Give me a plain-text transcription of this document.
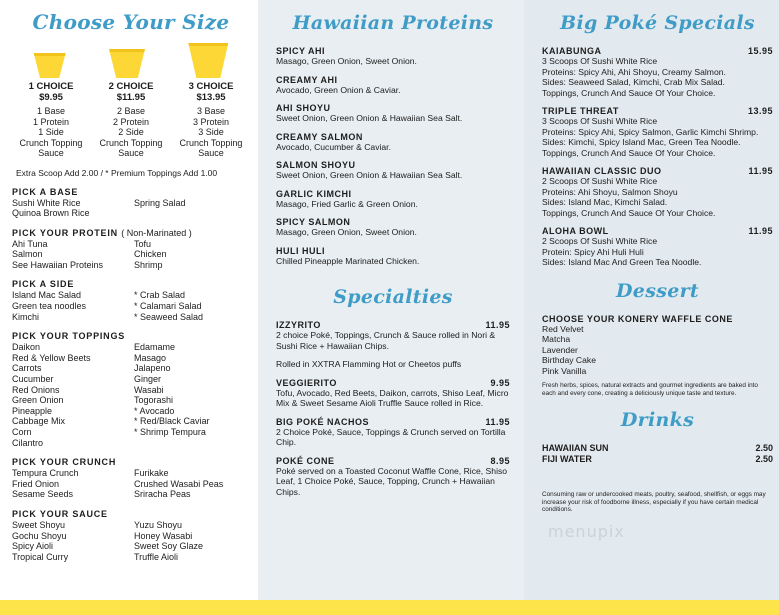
Choose Your Size
1 CHOICE
$9.95
1 Base
1 Protein
1 Side
Crunch Topping
Sauce
2 CHOICE
$11.95
2 Base
2 Protein
2 Side
Crunch Topping
Sauce
3 CHOICE
$13.95
3 Base
3 Protein
3 Side
Crunch Topping
Sauce
Extra Scoop Add 2.00 / * Premium Toppings Add 1.00
PICK A BASE
Sushi White Rice	Spring Salad
Quinoa Brown Rice
PICK YOUR PROTEIN ( Non-Marinated )
Ahi Tuna	Tofu
Salmon	Chicken
See Hawaiian Proteins	Shrimp
PICK A SIDE
Island Mac Salad	* Crab Salad
Green tea noodles	* Calamari Salad
Kimchi	* Seaweed Salad
PICK YOUR TOPPINGS
Daikon	Edamame
Red & Yellow Beets	Masago
Carrots	Jalapeno
Cucumber	Ginger
Red Onions	Wasabi
Green Onion	Togorashi
Pineapple	* Avocado
Cabbage Mix	* Red/Black Caviar
Corn	* Shrimp Tempura
Cilantro
PICK YOUR CRUNCH
Tempura Crunch	Furikake
Fried Onion	Crushed Wasabi Peas
Sesame Seeds	Sriracha Peas
PICK YOUR SAUCE
Sweet Shoyu	Yuzu Shoyu
Gochu Shoyu	Honey Wasabi
Spicy Aioli	Sweet Soy Glaze
Tropical Curry	Truffle Aioli
Hawaiian Proteins
SPICY AHI
Masago, Green Onion, Sweet Onion.
CREAMY AHI
Avocado, Green Onion & Caviar.
AHI SHOYU
Sweet Onion, Green Onion & Hawaiian Sea Salt.
CREAMY SALMON
Avocado, Cucumber & Caviar.
SALMON SHOYU
Sweet Onion, Green Onion & Hawaiian Sea Salt.
GARLIC KIMCHI
Masago, Fried Garlic & Green Onion.
SPICY SALMON
Masago, Green Onion, Sweet Onion.
HULI HULI
Chilled Pineapple Marinated Chicken.
Specialties
IZZYRITO	11.95
2 choice Poké, Toppings, Crunch & Sauce rolled in Nori & Sushi Rice + Hawaiian Chips.
Rolled in XXTRA Flamming Hot or Cheetos puffs
VEGGIERITO	9.95
Tofu, Avocado, Red Beets, Daikon, carrots, Shiso Leaf, Micro Mix & Sweet Sesame Aioli Truffle Sauce rolled in Rice.
BIG POKÉ NACHOS	11.95
2 Choice Poké, Sauce, Toppings & Crunch served on Tortilla Chip.
POKÉ CONE	8.95
Poké served on a Toasted Coconut Waffle Cone, Rice, Shiso Leaf, 1 Choice Poké, Sauce, Topping, Crunch + Hawaiian Chips.
Big Poké Specials
KAIABUNGA	15.95
3 Scoops Of Sushi White Rice
Proteins: Spicy Ahi, Ahi Shoyu, Creamy Salmon.
Sides: Seaweed Salad, Kimchi, Crab Mix Salad.
Toppings, Crunch And Sauce Of Your Choice.
TRIPLE THREAT	13.95
3 Scoops Of Sushi White Rice
Proteins: Spicy Ahi, Spicy Salmon, Garlic Kimchi Shrimp.
Sides: Kimchi, Spicy Island Mac, Green Tea Noodle.
Toppings, Crunch And Sauce Of Your Choice.
HAWAIIAN CLASSIC DUO	11.95
2 Scoops Of Sushi White Rice
Proteins: Ahi Shoyu, Salmon Shoyu
Sides: Island Mac, Kimchi Salad.
Toppings, Crunch And Sauce Of Your Choice.
ALOHA BOWL	11.95
2 Scoops Of Sushi White Rice
Protein: Spicy Ahi Huli Huli
Sides: Island Mac And Green Tea Noodle.
Dessert
CHOOSE YOUR KONERY WAFFLE CONE
Red Velvet
Matcha
Lavender
Birthday Cake
Pink Vanilla
Fresh herbs, spices, natural extracts and gourmet ingredients are baked into each and every cone, creating a deliciously unique taste and texture.
Drinks
HAWAIIAN SUN	2.50
FIJI WATER	2.50
Consuming raw or undercooked meats, poultry, seafood, shellfish, or eggs may increase your risk of foodborne illness, especially if you have certain medical conditions.
menupix
